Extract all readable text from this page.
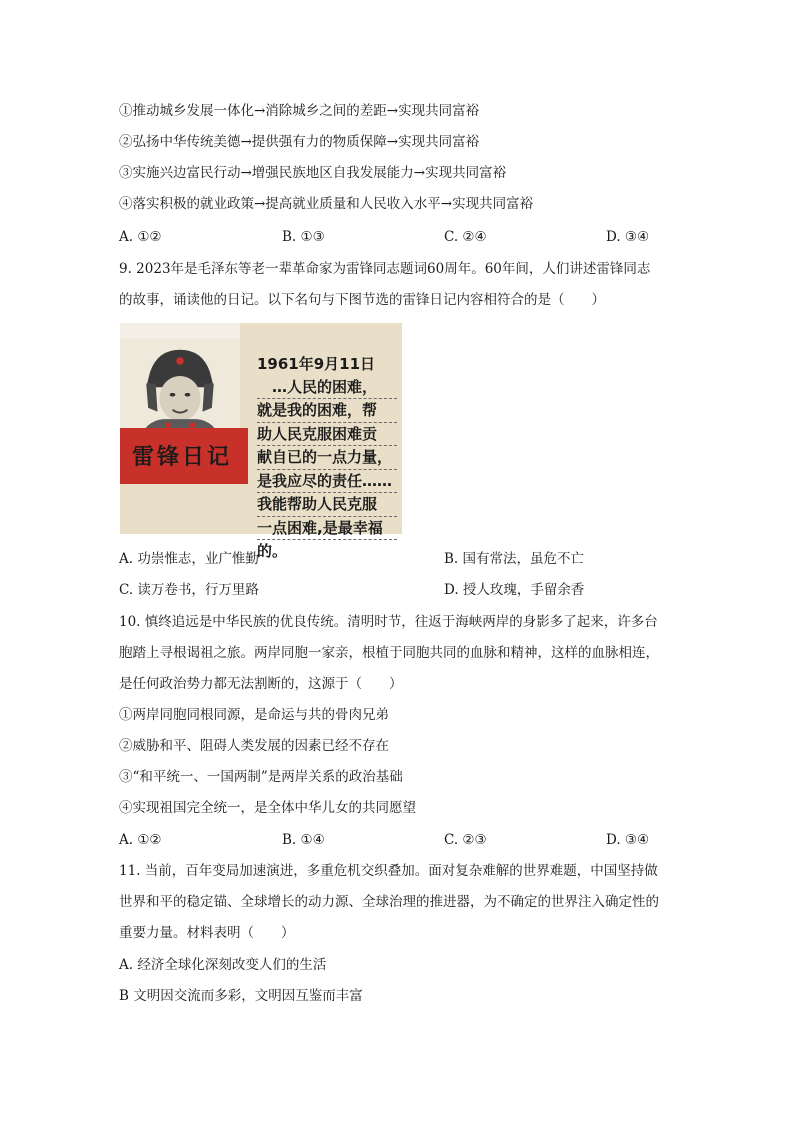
①推动城乡发展一体化→消除城乡之间的差距→实现共同富裕
②弘扬中华传统美德→提供强有力的物质保障→实现共同富裕
③实施兴边富民行动→增强民族地区自我发展能力→实现共同富裕
④落实积极的就业政策→提高就业质量和人民收入水平→实现共同富裕
A. ①②	B. ①③	C. ②④	D. ③④
9. 2023年是毛泽东等老一辈革命家为雷锋同志题词60周年。60年间，人们讲述雷锋同志
的故事，诵读他的日记。以下名句与下图节选的雷锋日记内容相符合的是（　　）
雷锋日记
1961年9月11日
　…人民的困难，
就是我的困难，帮
助人民克服困难贡
献自已的一点力量，
是我应尽的责任……
我能帮助人民克服
一点困难,是最幸福
的。
A. 功崇惟志，业广惟勤	B. 国有常法，虽危不亡
C. 读万卷书，行万里路	D. 授人玫瑰，手留余香
10. 慎终追远是中华民族的优良传统。清明时节，往返于海峡两岸的身影多了起来，许多台
胞踏上寻根谒祖之旅。两岸同胞一家亲，根植于同胞共同的血脉和精神，这样的血脉相连，
是任何政治势力都无法割断的，这源于（　　）
②威胁和平、阻碍人类发展的因素已经不存在
①两岸同胞同根同源，是命运与共的骨肉兄弟
③“和平统一、一国两制”是两岸关系的政治基础
④实现祖国完全统一，是全体中华儿女的共同愿望
A. ①②	B. ①④	C. ②③	D. ③④
11. 当前，百年变局加速演进，多重危机交织叠加。面对复杂难解的世界难题，中国坚持做
世界和平的稳定锚、全球增长的动力源、全球治理的推进器，为不确定的世界注入确定性的
重要力量。材料表明（　　）
A. 经济全球化深刻改变人们的生活
B 文明因交流而多彩，文明因互鉴而丰富
